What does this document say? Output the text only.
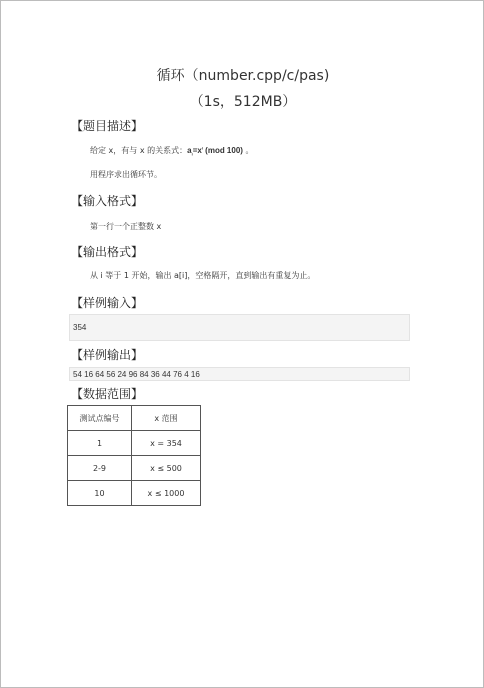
循环（number.cpp/c/pas)
（1s，512MB）
【题目描述】
给定 x，有与 x 的关系式：$a_i=x^i$ (mod 100) 。
用程序求出循环节。
【输入格式】
第一行一个正整数 x
【输出格式】
从 i 等于 1 开始，输出 a[i]，空格隔开，直到输出有重复为止。
【样例输入】
354
【样例输出】
54 16 64 56 24 96 84 36 44 76 4 16
【数据范围】
测试点编号	x 范围
1	x = 354
2-9	x ≤ 500
10	x ≤ 1000
